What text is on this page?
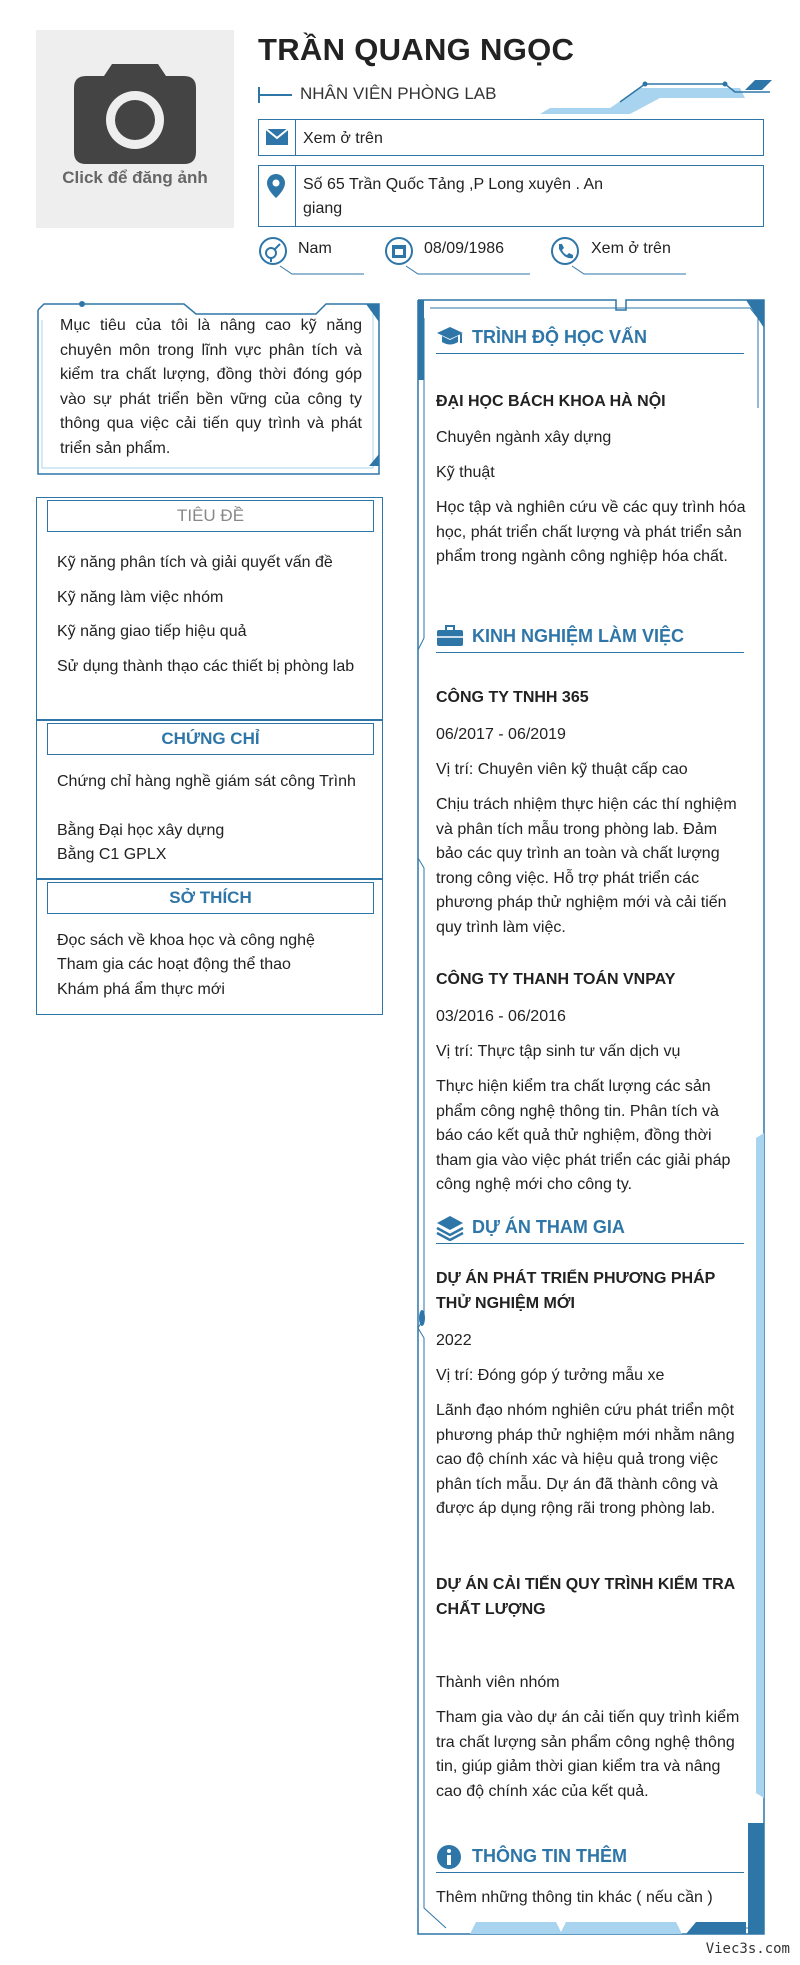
Click để đăng ảnh
TRẦN QUANG NGỌC
NHÂN VIÊN PHÒNG LAB
Xem ở trên
Số 65 Trần Quốc Tảng ,P Long xuyên . An giang
Nam	08/09/1986	Xem ở trên
Mục tiêu của tôi là nâng cao kỹ năng chuyên môn trong lĩnh vực phân tích và kiểm tra chất lượng, đồng thời đóng góp vào sự phát triển bền vững của công ty thông qua việc cải tiến quy trình và phát triển sản phẩm.
TIÊU ĐỀ
Kỹ năng phân tích và giải quyết vấn đề
Kỹ năng làm việc nhóm
Kỹ năng giao tiếp hiệu quả
Sử dụng thành thạo các thiết bị phòng lab
CHỨNG CHỈ
Chứng chỉ hàng nghề giám sát công Trình
Bằng Đại học xây dựng
Bằng C1 GPLX
SỞ THÍCH
Đọc sách về khoa học và công nghệ
Tham gia các hoạt động thể thao
Khám phá ẩm thực mới
TRÌNH ĐỘ HỌC VẤN
ĐẠI HỌC BÁCH KHOA HÀ NỘI
Chuyên ngành xây dựng
Kỹ thuật
Học tập và nghiên cứu về các quy trình hóa học, phát triển chất lượng và phát triển sản phẩm trong ngành công nghiệp hóa chất.
KINH NGHIỆM LÀM VIỆC
CÔNG TY TNHH 365
06/2017 - 06/2019
Vị trí: Chuyên viên kỹ thuật cấp cao
Chịu trách nhiệm thực hiện các thí nghiệm và phân tích mẫu trong phòng lab. Đảm bảo các quy trình an toàn và chất lượng trong công việc. Hỗ trợ phát triển các phương pháp thử nghiệm mới và cải tiến quy trình làm việc.
CÔNG TY THANH TOÁN VNPAY
03/2016 - 06/2016
Vị trí: Thực tập sinh tư vấn dịch vụ
Thực hiện kiểm tra chất lượng các sản phẩm công nghệ thông tin. Phân tích và báo cáo kết quả thử nghiệm, đồng thời tham gia vào việc phát triển các giải pháp công nghệ mới cho công ty.
DỰ ÁN THAM GIA
DỰ ÁN PHÁT TRIỂN PHƯƠNG PHÁP THỬ NGHIỆM MỚI
2022
Vị trí: Đóng góp ý tưởng mẫu xe
Lãnh đạo nhóm nghiên cứu phát triển một phương pháp thử nghiệm mới nhằm nâng cao độ chính xác và hiệu quả trong việc phân tích mẫu. Dự án đã thành công và được áp dụng rộng rãi trong phòng lab.
DỰ ÁN CẢI TIẾN QUY TRÌNH KIỂM TRA CHẤT LƯỢNG
Thành viên nhóm
Tham gia vào dự án cải tiến quy trình kiểm tra chất lượng sản phẩm công nghệ thông tin, giúp giảm thời gian kiểm tra và nâng cao độ chính xác của kết quả.
THÔNG TIN THÊM
Thêm những thông tin khác ( nếu cần )
Viec3s.com
